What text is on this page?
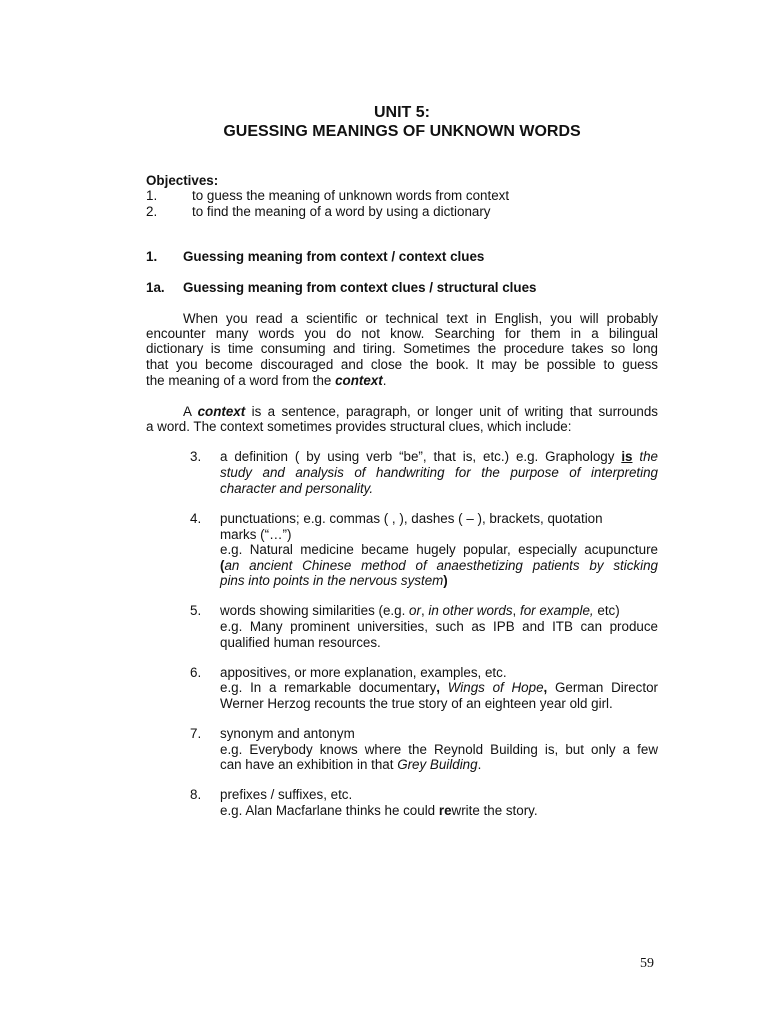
UNIT 5:
GUESSING MEANINGS OF UNKNOWN WORDS
Objectives:
1.	to guess the meaning of unknown words from context
2.	to find the meaning of a word by using a dictionary
1. Guessing meaning from context / context clues
1a. Guessing meaning from context clues / structural clues
When you read a scientific or technical text in English, you will probably
encounter many words you do not know. Searching for them in a bilingual
dictionary is time consuming and tiring. Sometimes the procedure takes so long
that you become discouraged and close the book. It may be possible to guess
the meaning of a word from the context.
A context is a sentence, paragraph, or longer unit of writing that surrounds
a word. The context sometimes provides structural clues, which include:
3. a definition ( by using verb “be”, that is, etc.) e.g. Graphology is the
study and analysis of handwriting for the purpose of interpreting
character and personality.
4. punctuations; e.g. commas ( , ), dashes ( – ), brackets, quotation
marks (“…”)
e.g. Natural medicine became hugely popular, especially acupuncture
(an ancient Chinese method of anaesthetizing patients by sticking
pins into points in the nervous system)
5. words showing similarities (e.g. or, in other words, for example, etc)
e.g. Many prominent universities, such as IPB and ITB can produce
qualified human resources.
6. appositives, or more explanation, examples, etc.
e.g. In a remarkable documentary, Wings of Hope, German Director
Werner Herzog recounts the true story of an eighteen year old girl.
7. synonym and antonym
e.g. Everybody knows where the Reynold Building is, but only a few
can have an exhibition in that Grey Building.
8. prefixes / suffixes, etc.
e.g. Alan Macfarlane thinks he could rewrite the story.
59
